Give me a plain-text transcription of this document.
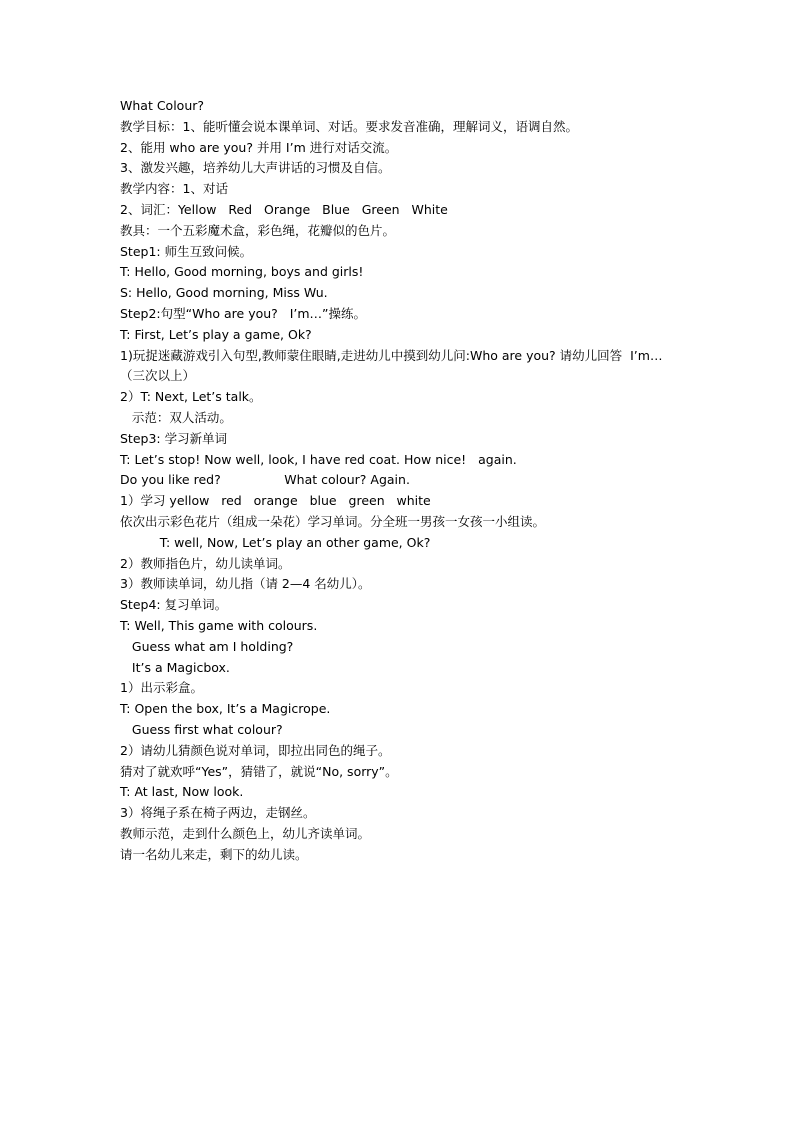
What Colour?
教学目标：1、能听懂会说本课单词、对话。要求发音准确，理解词义，语调自然。
2、能用 who are you? 并用 I’m 进行对话交流。
3、激发兴趣，培养幼儿大声讲话的习惯及自信。
教学内容：1、对话
2、词汇：Yellow   Red   Orange   Blue   Green   White
教具：一个五彩魔术盒，彩色绳，花瓣似的色片。
Step1: 师生互致问候。
T: Hello, Good morning, boys and girls!
S: Hello, Good morning, Miss Wu.
Step2:句型“Who are you?   I’m…”操练。
T: First, Let’s play a game, Ok?
1)玩捉迷藏游戏引入句型,教师蒙住眼睛,走进幼儿中摸到幼儿问:Who are you? 请幼儿回答  I’m… （三次以上）
2）T: Next, Let’s talk。
示范：双人活动。
Step3: 学习新单词
T: Let’s stop! Now well, look, I have red coat. How nice!   again.
Do you like red?                What colour? Again.
1）学习 yellow   red   orange   blue   green   white
依次出示彩色花片（组成一朵花）学习单词。分全班一男孩一女孩一小组读。
T: well, Now, Let’s play an other game, Ok?
2）教师指色片，幼儿读单词。
3）教师读单词，幼儿指（请 2—4 名幼儿）。
Step4: 复习单词。
T: Well, This game with colours.
Guess what am I holding?
It’s a Magicbox.
1）出示彩盒。
T: Open the box, It’s a Magicrope.
Guess first what colour?
2）请幼儿猜颜色说对单词，即拉出同色的绳子。
猜对了就欢呼“Yes”，猜错了，就说“No, sorry”。
T: At last, Now look.
3）将绳子系在椅子两边，走钢丝。
教师示范，走到什么颜色上，幼儿齐读单词。
请一名幼儿来走，剩下的幼儿读。
